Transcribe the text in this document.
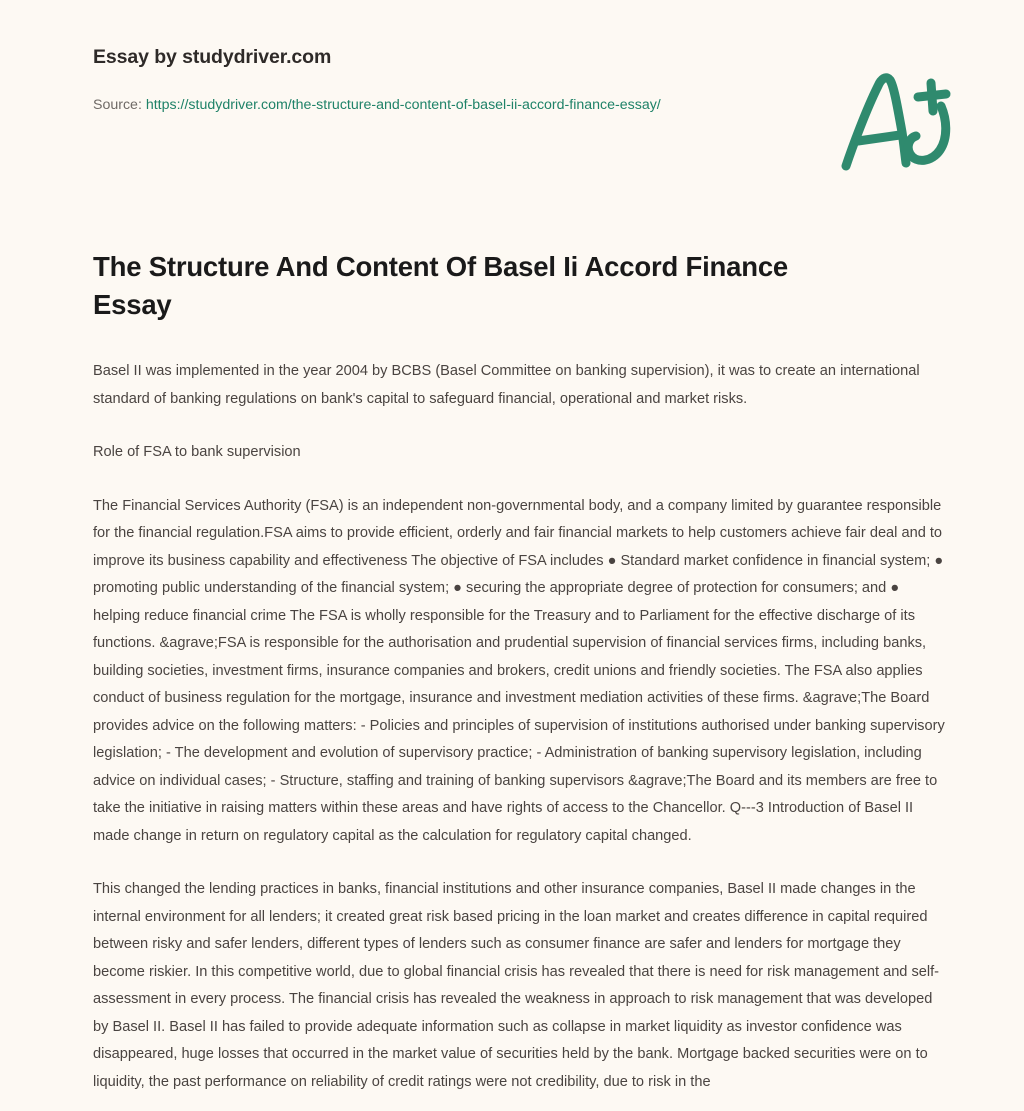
Essay by studydriver.com
Source: https://studydriver.com/the-structure-and-content-of-basel-ii-accord-finance-essay/
The Structure And Content Of Basel Ii Accord Finance Essay

Basel II was implemented in the year 2004 by BCBS (Basel Committee on banking supervision), it was to create an international standard of banking regulations on bank's capital to safeguard financial, operational and market risks.

Role of FSA to bank supervision

The Financial Services Authority (FSA) is an independent non-governmental body, and a company limited by guarantee responsible for the financial regulation.FSA aims to provide efficient, orderly and fair financial markets to help customers achieve fair deal and to improve its business capability and effectiveness The objective of FSA includes ● Standard market confidence in financial system; ● promoting public understanding of the financial system; ● securing the appropriate degree of protection for consumers; and ● helping reduce financial crime The FSA is wholly responsible for the Treasury and to Parliament for the effective discharge of its functions. &agrave;FSA is responsible for the authorisation and prudential supervision of financial services firms, including banks, building societies, investment firms, insurance companies and brokers, credit unions and friendly societies. The FSA also applies conduct of business regulation for the mortgage, insurance and investment mediation activities of these firms. &agrave;The Board provides advice on the following matters: - Policies and principles of supervision of institutions authorised under banking supervisory legislation; - The development and evolution of supervisory practice; - Administration of banking supervisory legislation, including advice on individual cases; - Structure, staffing and training of banking supervisors &agrave;The Board and its members are free to take the initiative in raising matters within these areas and have rights of access to the Chancellor. Q---3 Introduction of Basel II made change in return on regulatory capital as the calculation for regulatory capital changed.

This changed the lending practices in banks, financial institutions and other insurance companies, Basel II made changes in the internal environment for all lenders; it created great risk based pricing in the loan market and creates difference in capital required between risky and safer lenders, different types of lenders such as consumer finance are safer and lenders for mortgage they become riskier. In this competitive world, due to global financial crisis has revealed that there is need for risk management and self-assessment in every process. The financial crisis has revealed the weakness in approach to risk management that was developed by Basel II. Basel II has failed to provide adequate information such as collapse in market liquidity as investor confidence was disappeared, huge losses that occurred in the market value of securities held by the bank. Mortgage backed securities were on to liquidity, the past performance on reliability of credit ratings were not credibility, due to risk in the
